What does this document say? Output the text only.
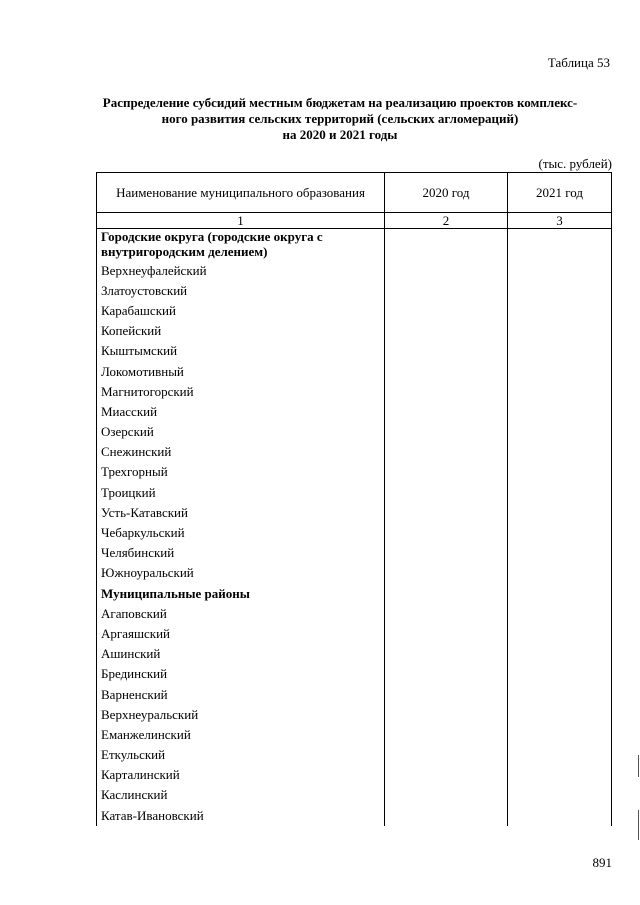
Таблица 53
Распределение субсидий местным бюджетам на реализацию проектов комплекс-
ного развития сельских территорий (сельских агломераций)
на 2020 и 2021 годы
(тыс. рублей)
Наименование муниципального образования	2020 год	2021 год
1	2	3
Городские округа (городские округа с внутригородским делением)		
Верхнеуфалейский		
Златоустовский		
Карабашский		
Копейский		
Кыштымский		
Локомотивный		
Магнитогорский		
Миасский		
Озерский		
Снежинский		
Трехгорный		
Троицкий		
Усть-Катавский		
Чебаркульский		
Челябинский		
Южноуральский		
Муниципальные районы		
Агаповский		
Аргаяшский		
Ашинский		
Брединский		
Варненский		
Верхнеуральский		
Еманжелинский		
Еткульский		
Карталинский		
Каслинский		
Катав-Ивановский		
891
